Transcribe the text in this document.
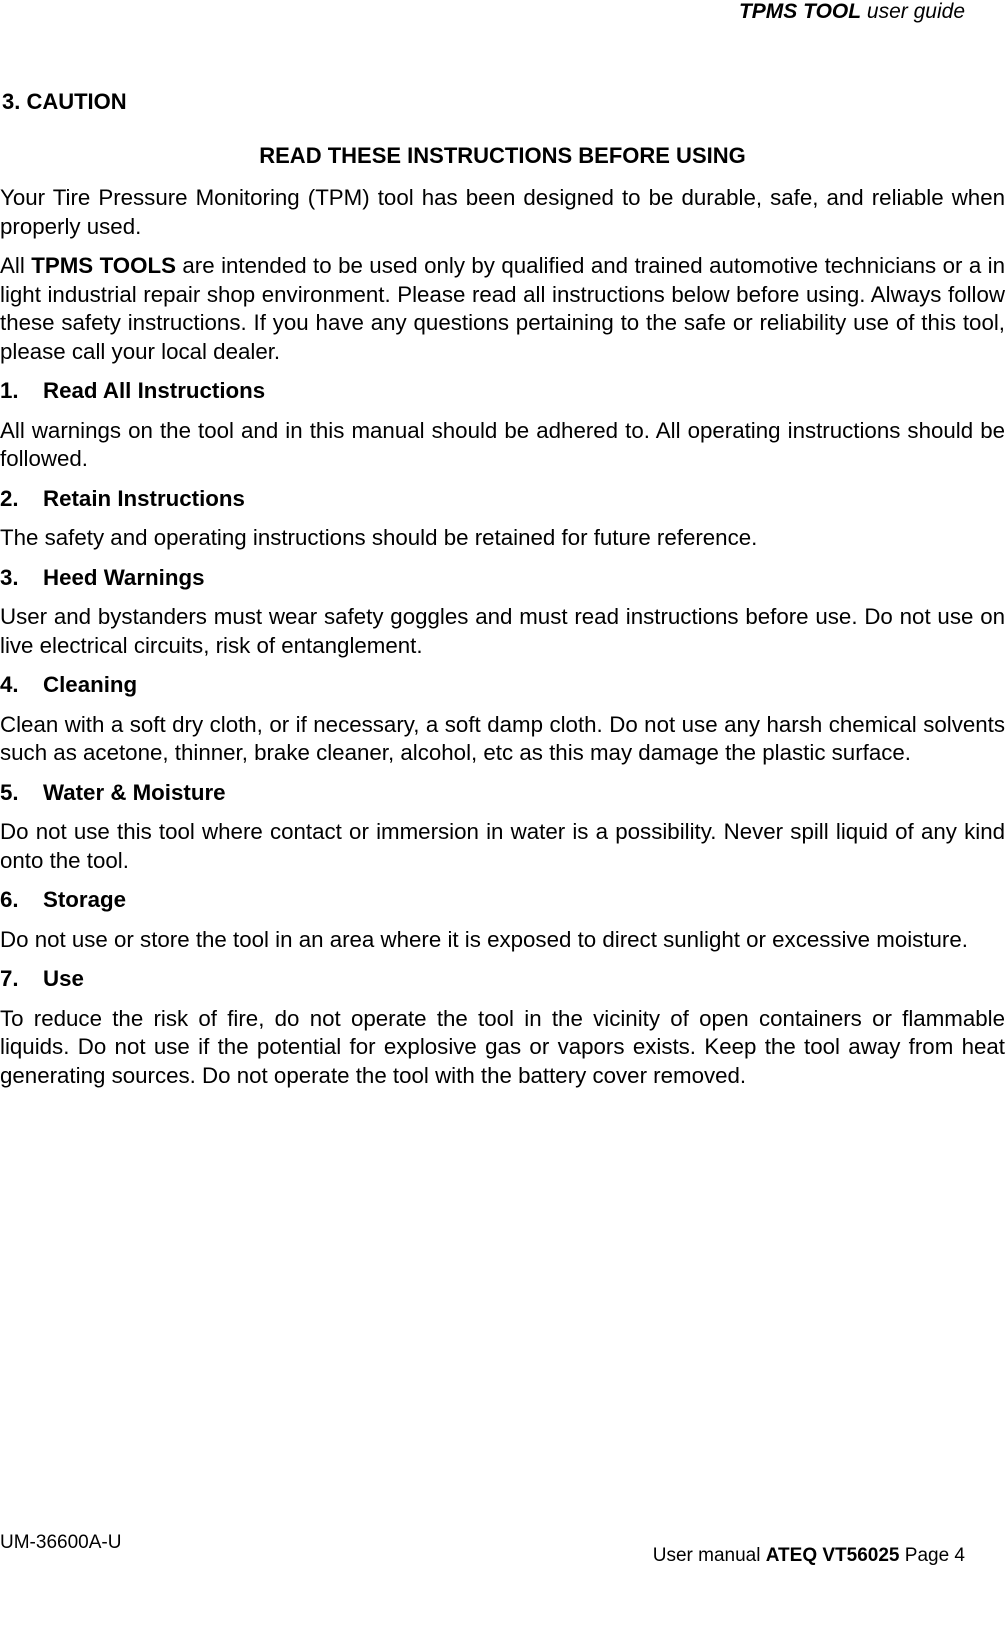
TPMS TOOL user guide
3. CAUTION
READ THESE INSTRUCTIONS BEFORE USING

Your Tire Pressure Monitoring (TPM) tool has been designed to be durable, safe, and reliable when properly used.

All TPMS TOOLS are intended to be used only by qualified and trained automotive technicians or a in light industrial repair shop environment. Please read all instructions below before using. Always follow these safety instructions. If you have any questions pertaining to the safe or reliability use of this tool, please call your local dealer.

1.	Read All Instructions

All warnings on the tool and in this manual should be adhered to. All operating instructions should be followed.

2.	Retain Instructions

The safety and operating instructions should be retained for future reference.

3.	Heed Warnings

User and bystanders must wear safety goggles and must read instructions before use. Do not use on live electrical circuits, risk of entanglement.

4.	Cleaning

Clean with a soft dry cloth, or if necessary, a soft damp cloth. Do not use any harsh chemical solvents such as acetone, thinner, brake cleaner, alcohol, etc as this may damage the plastic surface.

5.	Water & Moisture

Do not use this tool where contact or immersion in water is a possibility. Never spill liquid of any kind onto the tool.

6.	Storage

Do not use or store the tool in an area where it is exposed to direct sunlight or excessive moisture.

7.	Use

To reduce the risk of fire, do not operate the tool in the vicinity of open containers or flammable liquids. Do not use if the potential for explosive gas or vapors exists. Keep the tool away from heat generating sources. Do not operate the tool with the battery cover removed.

UM-36600A-U
User manual ATEQ VT56025 Page 4
